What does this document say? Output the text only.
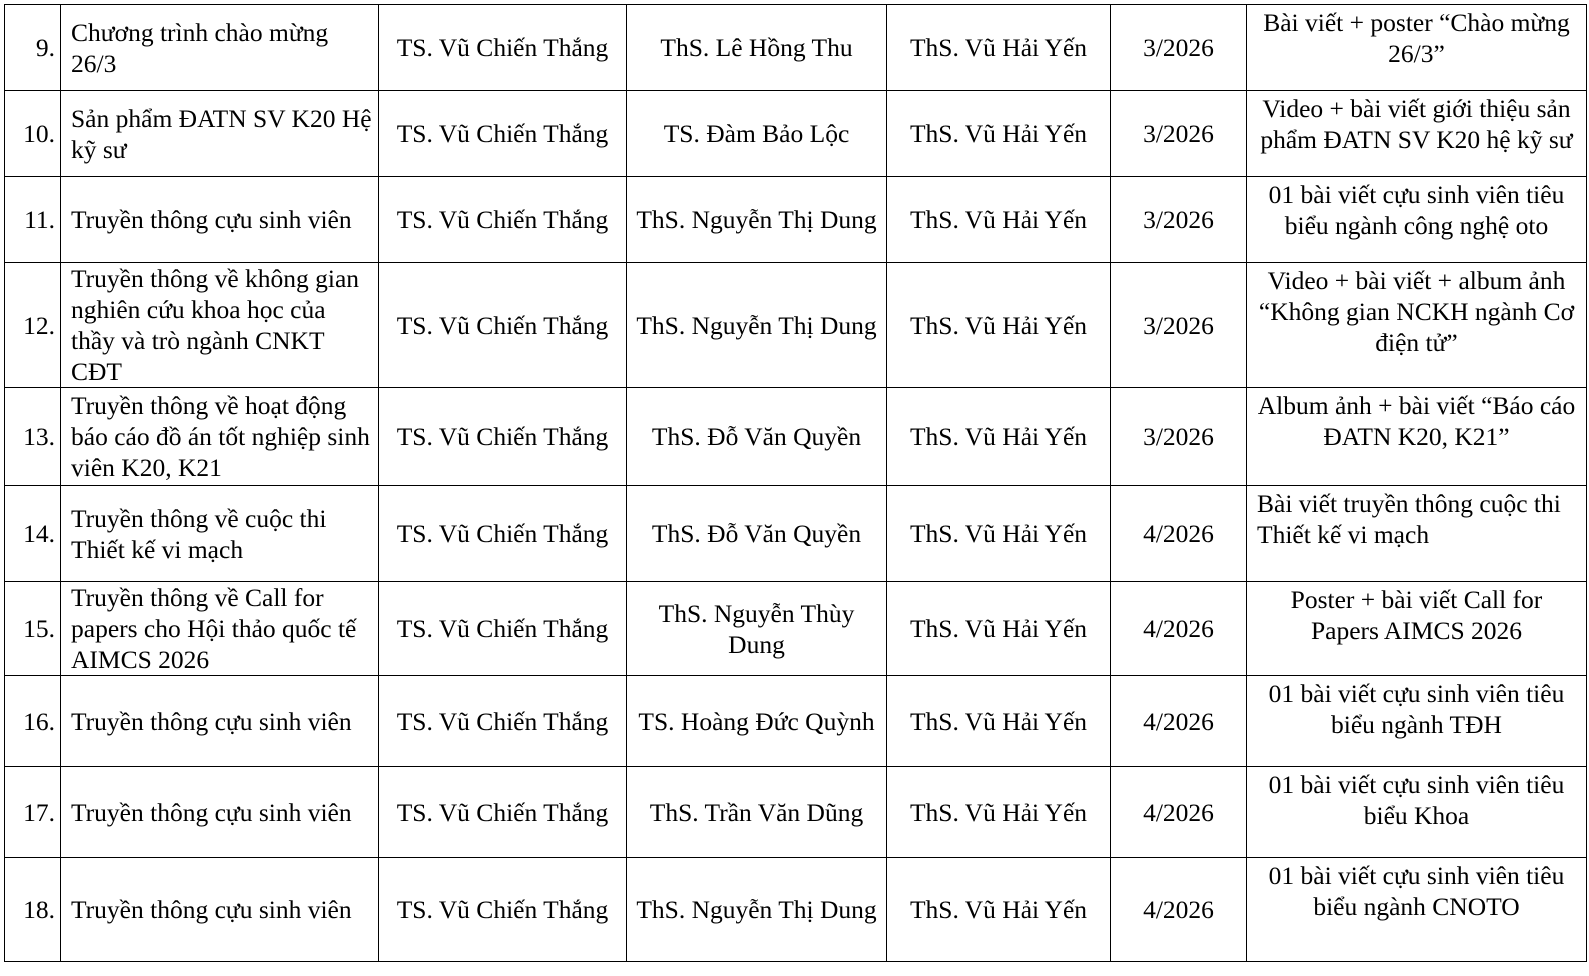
9.	Chương trình chào mừng 26/3	TS. Vũ Chiến Thắng	ThS. Lê Hồng Thu	ThS. Vũ Hải Yến	3/2026	Bài viết + poster “Chào mừng 26/3”
10.	Sản phẩm ĐATN SV K20 Hệ kỹ sư	TS. Vũ Chiến Thắng	TS. Đàm Bảo Lộc	ThS. Vũ Hải Yến	3/2026	Video + bài viết giới thiệu sản phẩm ĐATN SV K20 hệ kỹ sư
11.	Truyền thông cựu sinh viên	TS. Vũ Chiến Thắng	ThS. Nguyễn Thị Dung	ThS. Vũ Hải Yến	3/2026	01 bài viết cựu sinh viên tiêu biểu ngành công nghệ oto
12.	Truyền thông về không gian nghiên cứu khoa học của thầy và trò ngành CNKT CĐT	TS. Vũ Chiến Thắng	ThS. Nguyễn Thị Dung	ThS. Vũ Hải Yến	3/2026	Video + bài viết + album ảnh “Không gian NCKH ngành Cơ điện tử”
13.	Truyền thông về hoạt động báo cáo đồ án tốt nghiệp sinh viên K20, K21	TS. Vũ Chiến Thắng	ThS. Đỗ Văn Quyền	ThS. Vũ Hải Yến	3/2026	Album ảnh + bài viết “Báo cáo ĐATN K20, K21”
14.	Truyền thông về cuộc thi Thiết kế vi mạch	TS. Vũ Chiến Thắng	ThS. Đỗ Văn Quyền	ThS. Vũ Hải Yến	4/2026	Bài viết truyền thông cuộc thi Thiết kế vi mạch
15.	Truyền thông về Call for papers cho Hội thảo quốc tế AIMCS 2026	TS. Vũ Chiến Thắng	ThS. Nguyễn Thùy Dung	ThS. Vũ Hải Yến	4/2026	Poster + bài viết Call for Papers AIMCS 2026
16.	Truyền thông cựu sinh viên	TS. Vũ Chiến Thắng	TS. Hoàng Đức Quỳnh	ThS. Vũ Hải Yến	4/2026	01 bài viết cựu sinh viên tiêu biểu ngành TĐH
17.	Truyền thông cựu sinh viên	TS. Vũ Chiến Thắng	ThS. Trần Văn Dũng	ThS. Vũ Hải Yến	4/2026	01 bài viết cựu sinh viên tiêu biểu Khoa
18.	Truyền thông cựu sinh viên	TS. Vũ Chiến Thắng	ThS. Nguyễn Thị Dung	ThS. Vũ Hải Yến	4/2026	01 bài viết cựu sinh viên tiêu biểu ngành CNOTO
